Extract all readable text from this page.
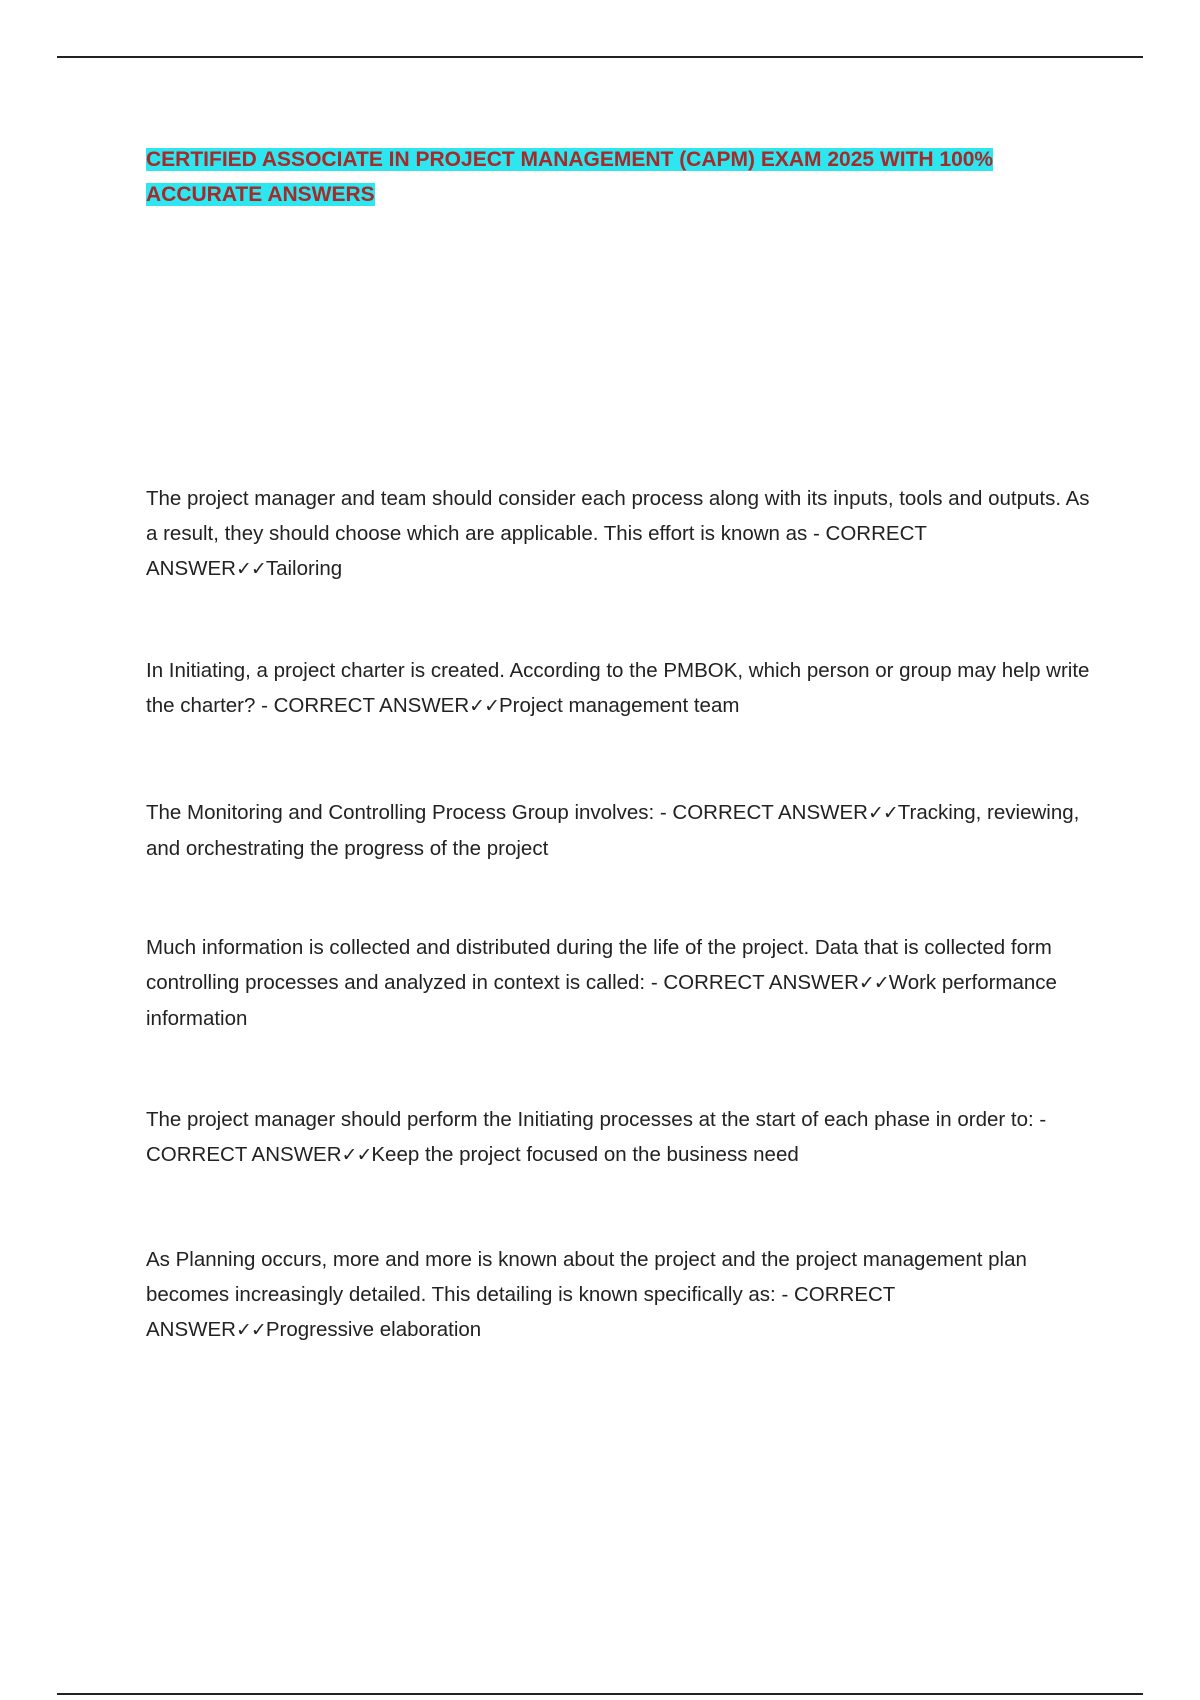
CERTIFIED ASSOCIATE IN PROJECT MANAGEMENT (CAPM) EXAM 2025 WITH 100% ACCURATE ANSWERS

The project manager and team should consider each process along with its inputs, tools and outputs. As a result, they should choose which are applicable. This effort is known as - CORRECT ANSWER✓✓Tailoring

In Initiating, a project charter is created. According to the PMBOK, which person or group may help write the charter? - CORRECT ANSWER✓✓Project management team

The Monitoring and Controlling Process Group involves: - CORRECT ANSWER✓✓Tracking, reviewing, and orchestrating the progress of the project

Much information is collected and distributed during the life of the project. Data that is collected form controlling processes and analyzed in context is called: - CORRECT ANSWER✓✓Work performance information

The project manager should perform the Initiating processes at the start of each phase in order to: - CORRECT ANSWER✓✓Keep the project focused on the business need

As Planning occurs, more and more is known about the project and the project management plan becomes increasingly detailed. This detailing is known specifically as: - CORRECT ANSWER✓✓Progressive elaboration
